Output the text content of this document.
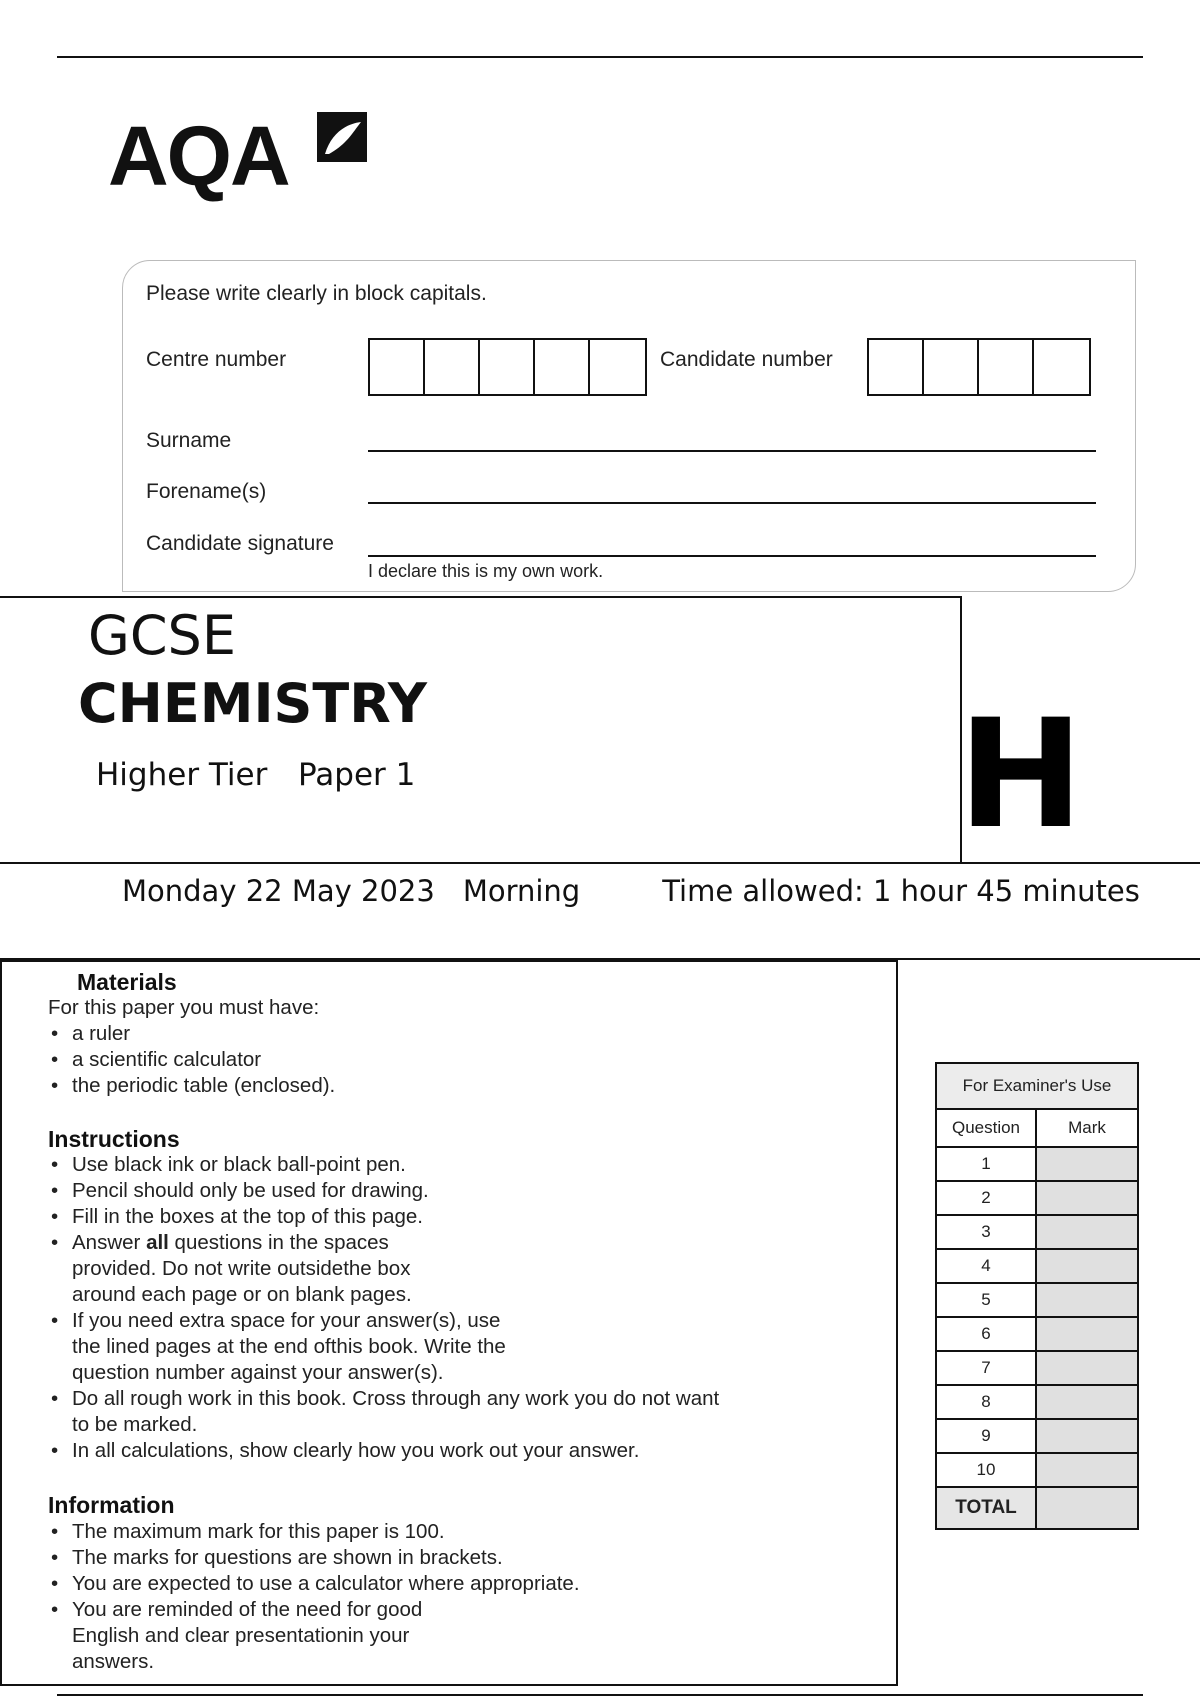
AQA
Please write clearly in block capitals.
Centre number	Candidate number
Surname
Forename(s)
Candidate signature
I declare this is my own work.
GCSE
CHEMISTRY
Higher Tier Paper 1	H
Monday 22 May 2023 Morning	Time allowed: 1 hour 45 minutes
Materials
For this paper you must have:
• a ruler
• a scientific calculator
• the periodic table (enclosed).
Instructions
• Use black ink or black ball-point pen.
• Pencil should only be used for drawing.
• Fill in the boxes at the top of this page.
• Answer all questions in the spaces
provided. Do not write outsidethe box
around each page or on blank pages.
• If you need extra space for your answer(s), use
the lined pages at the end ofthis book. Write the
question number against your answer(s).
• Do all rough work in this book. Cross through any work you do not want
to be marked.
• In all calculations, show clearly how you work out your answer.
Information
• The maximum mark for this paper is 100.
• The marks for questions are shown in brackets.
• You are expected to use a calculator where appropriate.
• You are reminded of the need for good
English and clear presentationin your
answers.
For Examiner's Use	
Question	Mark
1	
2	
3	
4	
5	
6	
7	
8	
9	
10	
TOTAL	
